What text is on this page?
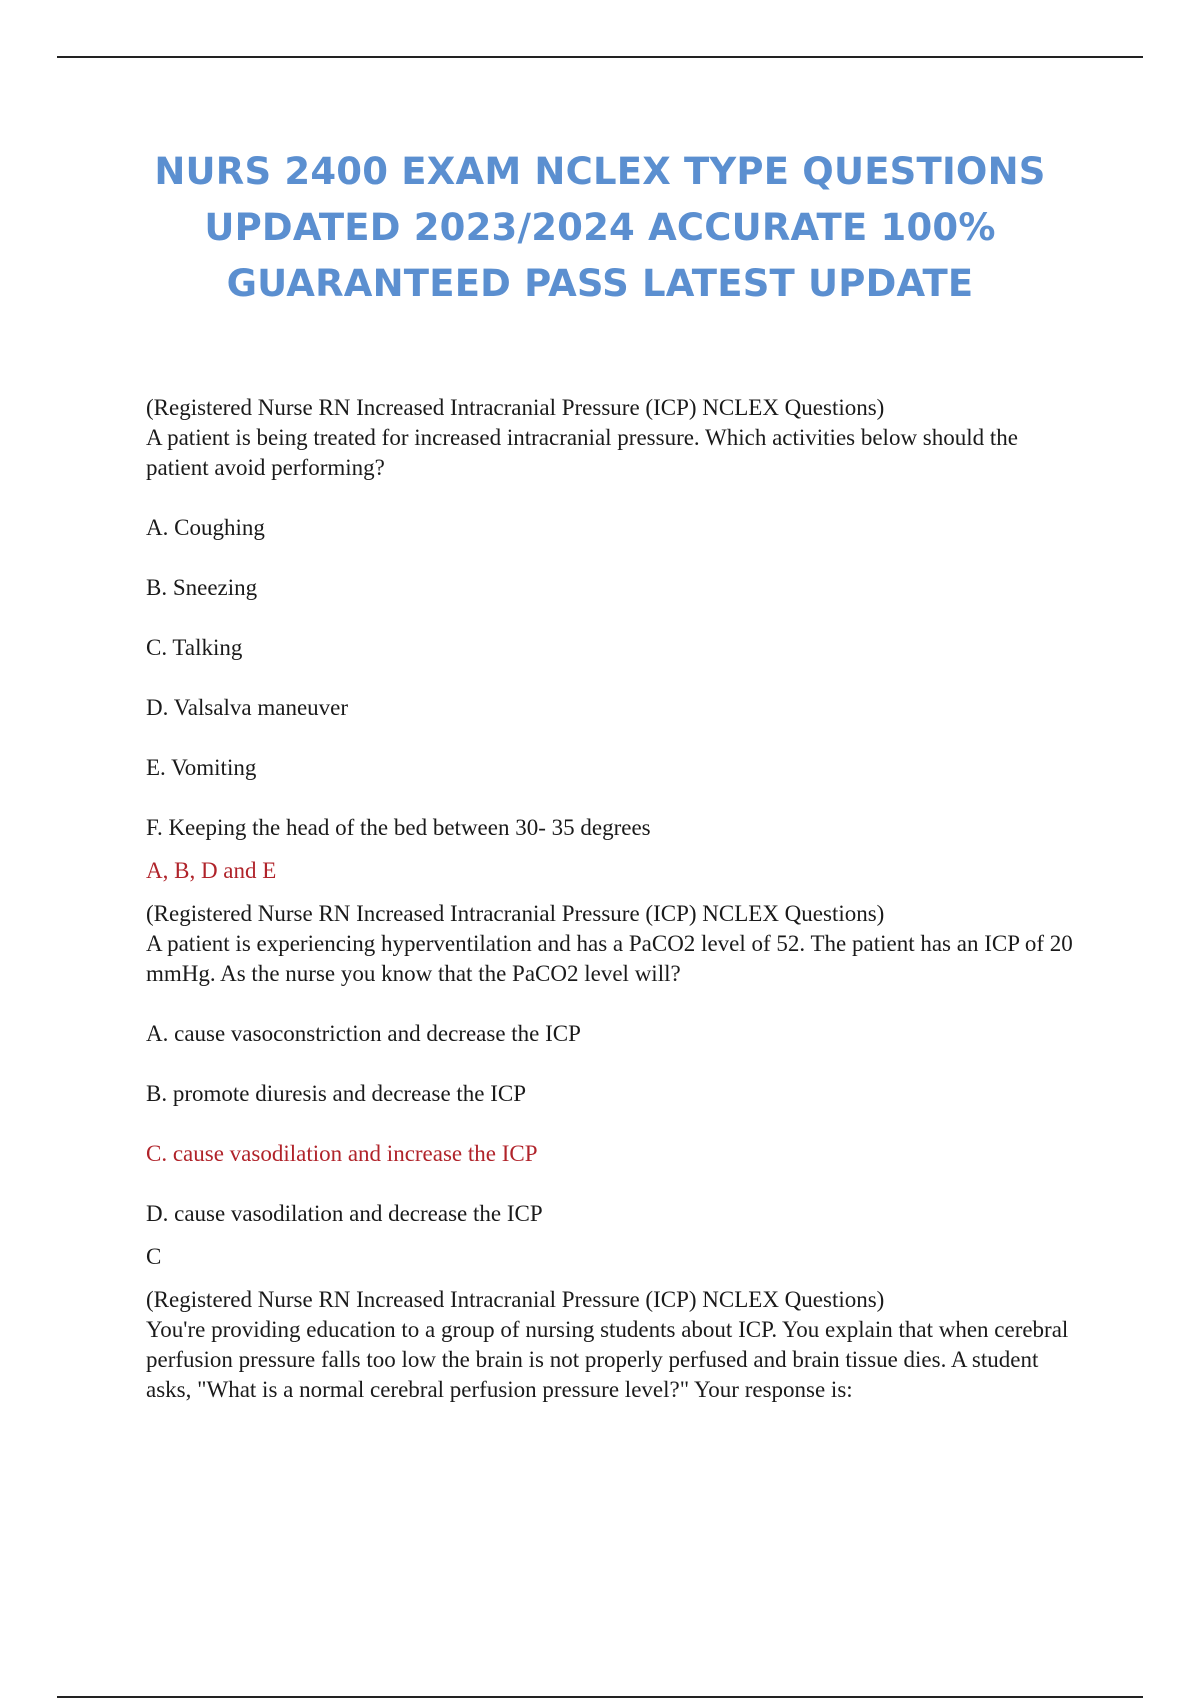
NURS 2400 EXAM NCLEX TYPE QUESTIONS UPDATED 2023/2024 ACCURATE 100% GUARANTEED PASS LATEST UPDATE
(Registered Nurse RN Increased Intracranial Pressure (ICP) NCLEX Questions)
A patient is being treated for increased intracranial pressure. Which activities below should the patient avoid performing?

A. Coughing

B. Sneezing

C. Talking

D. Valsalva maneuver

E. Vomiting

F. Keeping the head of the bed between 30- 35 degrees

A, B, D and E

(Registered Nurse RN Increased Intracranial Pressure (ICP) NCLEX Questions)
A patient is experiencing hyperventilation and has a PaCO2 level of 52. The patient has an ICP of 20 mmHg. As the nurse you know that the PaCO2 level will?

A. cause vasoconstriction and decrease the ICP

B. promote diuresis and decrease the ICP

C. cause vasodilation and increase the ICP

D. cause vasodilation and decrease the ICP

C

(Registered Nurse RN Increased Intracranial Pressure (ICP) NCLEX Questions)
You're providing education to a group of nursing students about ICP. You explain that when cerebral perfusion pressure falls too low the brain is not properly perfused and brain tissue dies. A student asks, "What is a normal cerebral perfusion pressure level?" Your response is:
